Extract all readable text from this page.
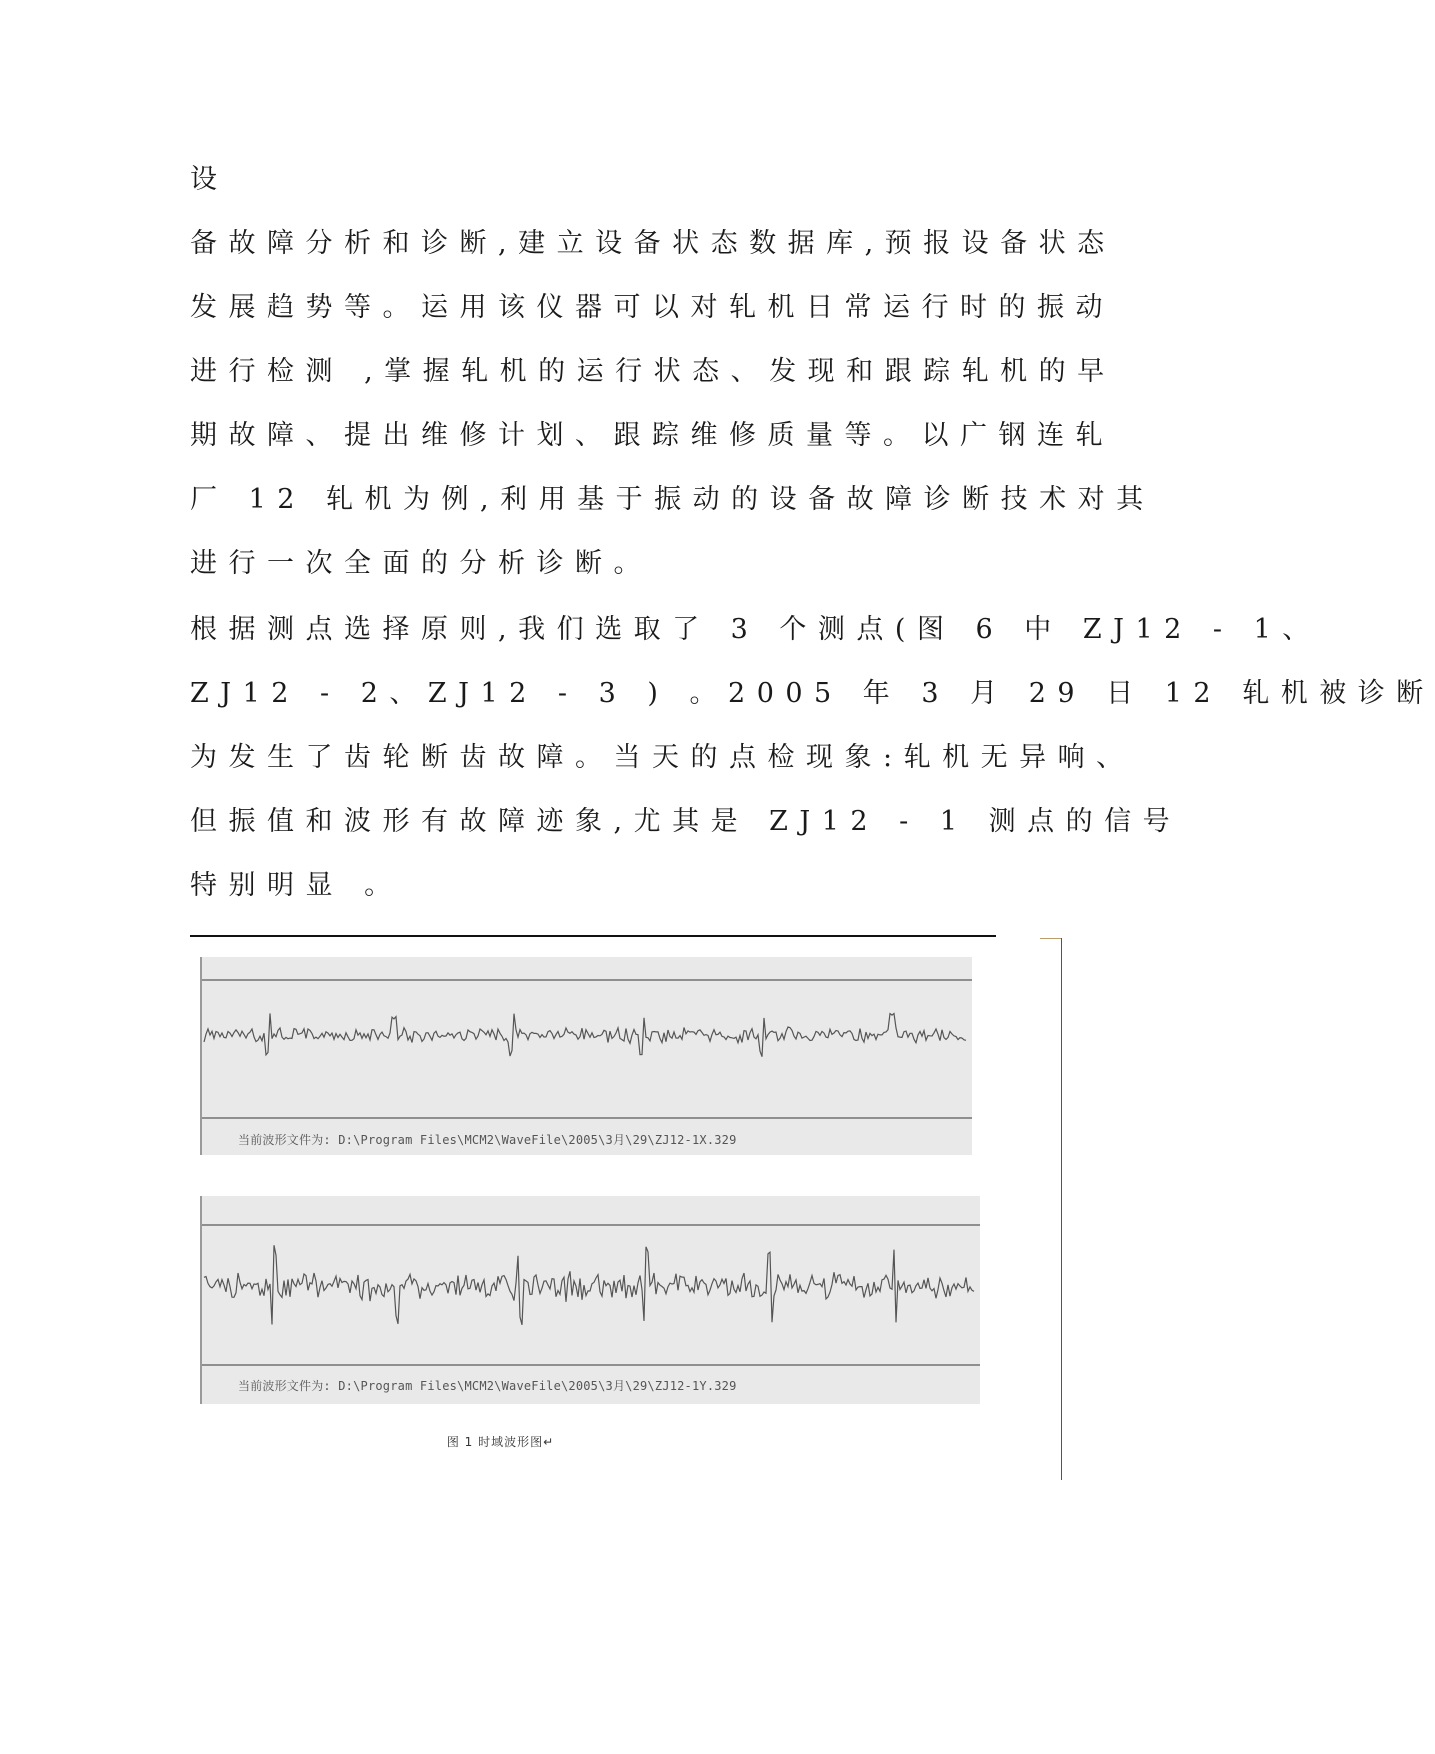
设
备故障分析和诊断,建立设备状态数据库,预报设备状态
发展趋势等。运用该仪器可以对轧机日常运行时的振动
进行检测 ,掌握轧机的运行状态、发现和跟踪轧机的早
期故障、提出维修计划、跟踪维修质量等。以广钢连轧
厂 12 轧机为例,利用基于振动的设备故障诊断技术对其
进行一次全面的分析诊断。
根据测点选择原则,我们选取了 3 个测点(图 6 中 ZJ12 - 1、
ZJ12 - 2、ZJ12 - 3 ) 。2005 年 3 月 29 日 12 轧机被诊断
为发生了齿轮断齿故障。当天的点检现象:轧机无异响、
但振值和波形有故障迹象,尤其是 ZJ12 - 1 测点的信号
特别明显 。
当前波形文件为: D:\Program Files\MCM2\WaveFile\2005\3月\29\ZJ12-1X.329
当前波形文件为: D:\Program Files\MCM2\WaveFile\2005\3月\29\ZJ12-1Y.329
图 1 时域波形图↵
